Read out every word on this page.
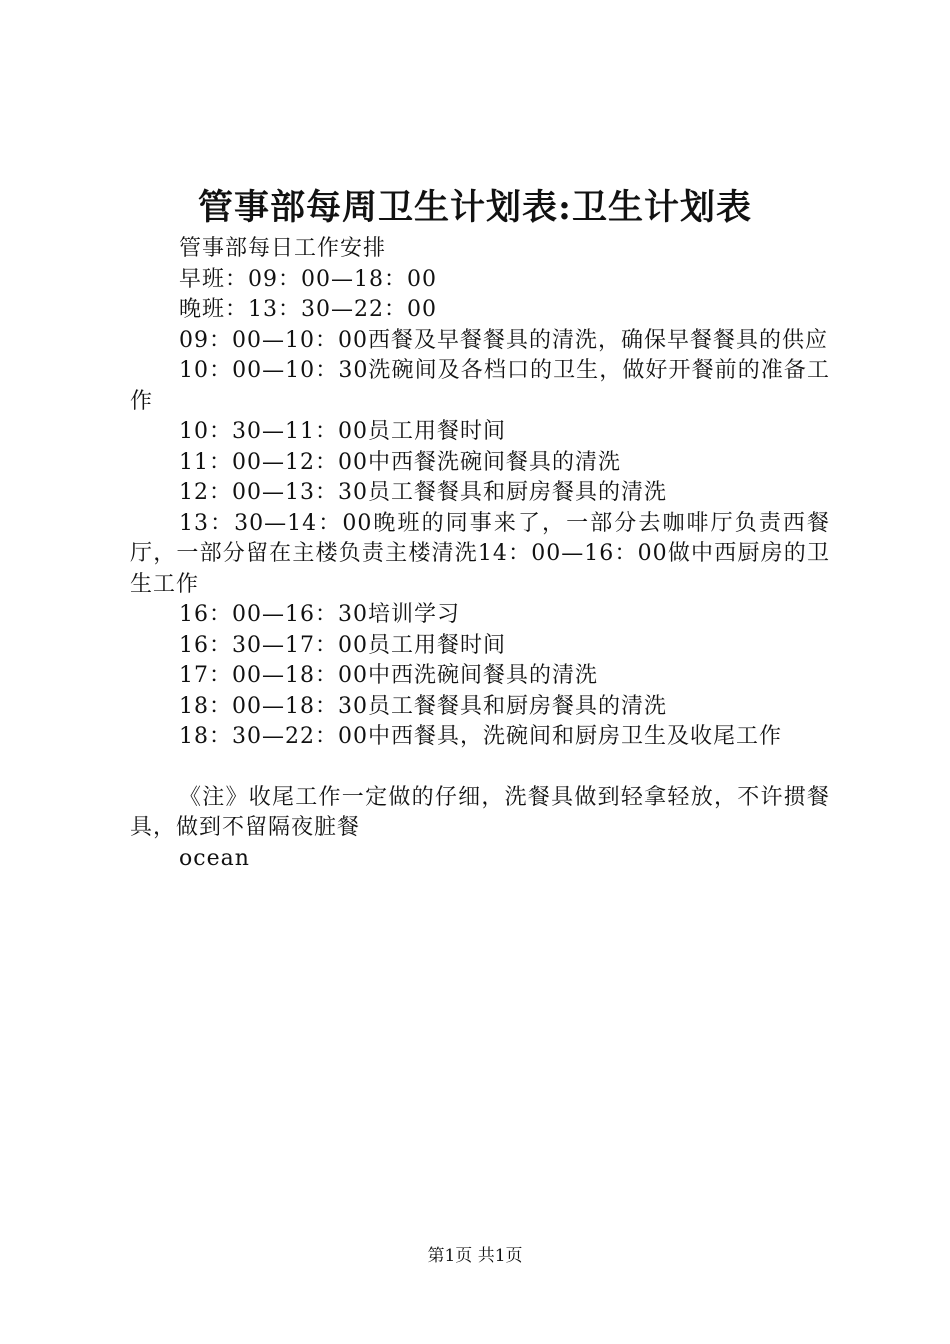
管事部每周卫生计划表:卫生计划表

管事部每日工作安排

早班：09：00—18：00

晚班：13：30—22：00

09：00—10：00西餐及早餐餐具的清洗，确保早餐餐具的供应

10：00—10：30洗碗间及各档口的卫生，做好开餐前的准备工作

10：30—11：00员工用餐时间

11：00—12：00中西餐洗碗间餐具的清洗

12：00—13：30员工餐餐具和厨房餐具的清洗

13：30—14：00晚班的同事来了，一部分去咖啡厅负责西餐厅，一部分留在主楼负责主楼清洗14：00—16：00做中西厨房的卫生工作

16：00—16：30培训学习

16：30—17：00员工用餐时间

17：00—18：00中西洗碗间餐具的清洗

18：00—18：30员工餐餐具和厨房餐具的清洗

18：30—22：00中西餐具，洗碗间和厨房卫生及收尾工作

《注》收尾工作一定做的仔细，洗餐具做到轻拿轻放，不许掼餐具，做到不留隔夜脏餐

ocean

第1页 共1页
